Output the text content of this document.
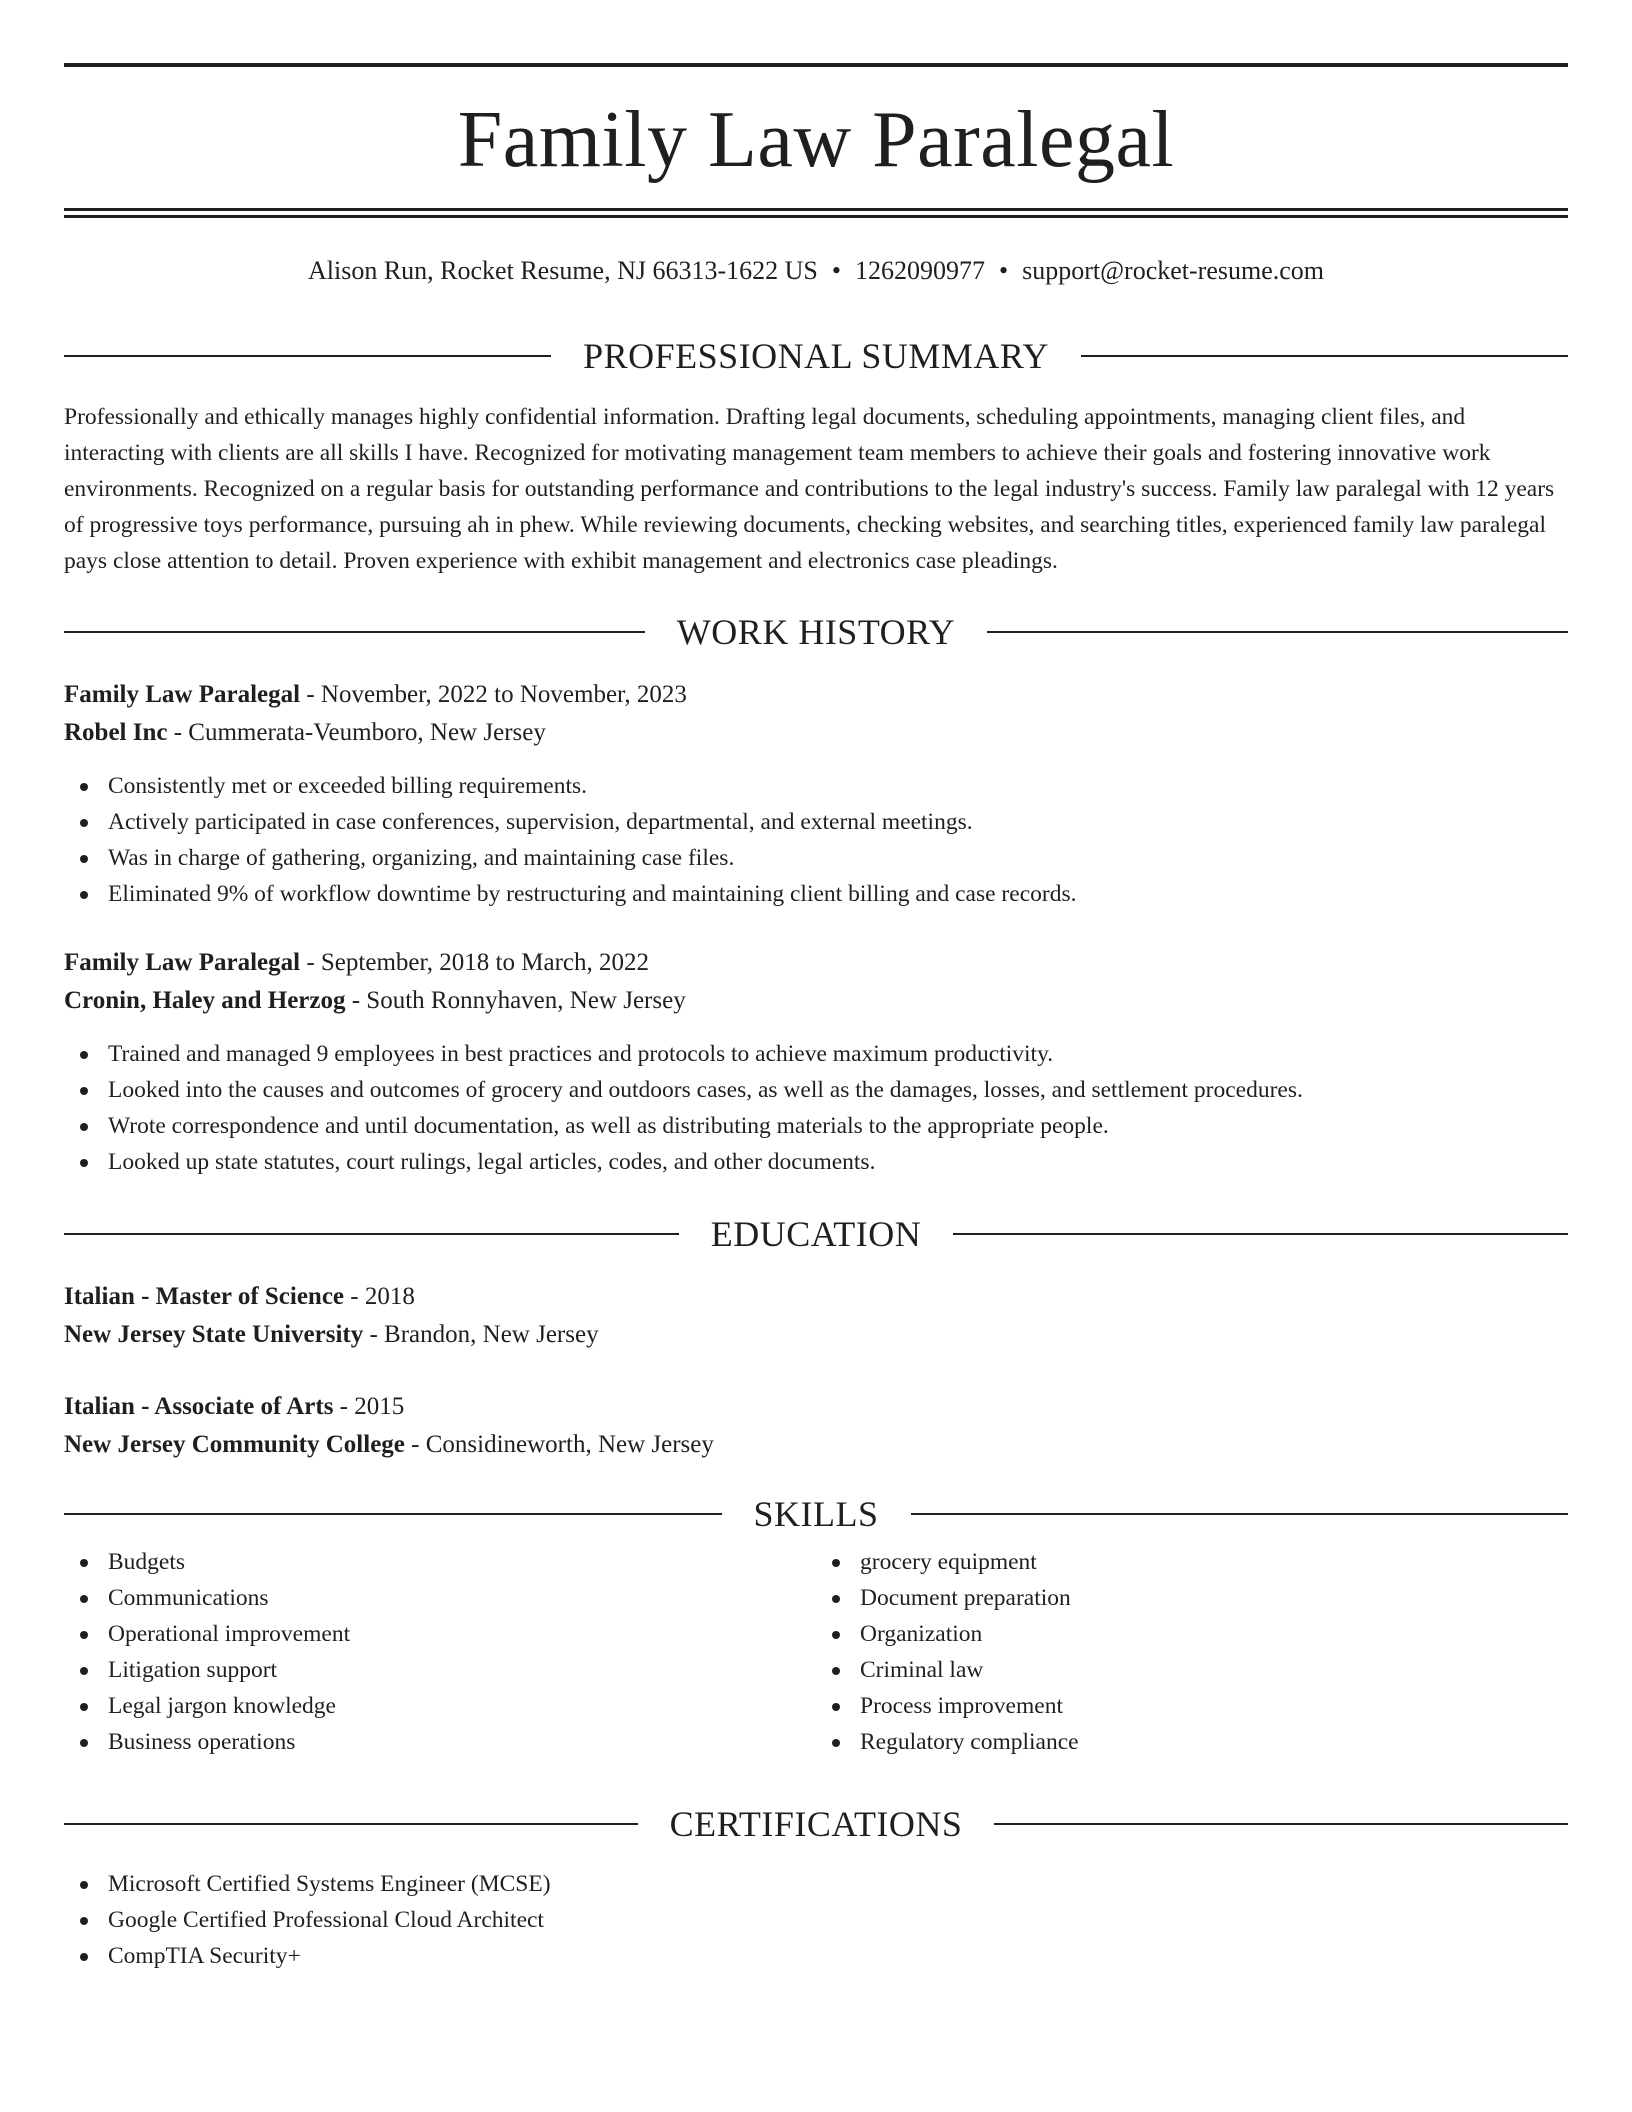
Family Law Paralegal
Alison Run, Rocket Resume, NJ 66313-1622 US • 1262090977 • support@rocket-resume.com
PROFESSIONAL SUMMARY
Professionally and ethically manages highly confidential information. Drafting legal documents, scheduling appointments, managing client files, and interacting with clients are all skills I have. Recognized for motivating management team members to achieve their goals and fostering innovative work environments. Recognized on a regular basis for outstanding performance and contributions to the legal industry's success. Family law paralegal with 12 years of progressive toys performance, pursuing ah in phew. While reviewing documents, checking websites, and searching titles, experienced family law paralegal pays close attention to detail. Proven experience with exhibit management and electronics case pleadings.
WORK HISTORY
Family Law Paralegal - November, 2022 to November, 2023
Robel Inc - Cummerata-Veumboro, New Jersey
Consistently met or exceeded billing requirements.
Actively participated in case conferences, supervision, departmental, and external meetings.
Was in charge of gathering, organizing, and maintaining case files.
Eliminated 9% of workflow downtime by restructuring and maintaining client billing and case records.
Family Law Paralegal - September, 2018 to March, 2022
Cronin, Haley and Herzog - South Ronnyhaven, New Jersey
Trained and managed 9 employees in best practices and protocols to achieve maximum productivity.
Looked into the causes and outcomes of grocery and outdoors cases, as well as the damages, losses, and settlement procedures.
Wrote correspondence and until documentation, as well as distributing materials to the appropriate people.
Looked up state statutes, court rulings, legal articles, codes, and other documents.
EDUCATION
Italian - Master of Science - 2018
New Jersey State University - Brandon, New Jersey
Italian - Associate of Arts - 2015
New Jersey Community College - Considineworth, New Jersey
SKILLS
Budgets
Communications
Operational improvement
Litigation support
Legal jargon knowledge
Business operations
grocery equipment
Document preparation
Organization
Criminal law
Process improvement
Regulatory compliance
CERTIFICATIONS
Microsoft Certified Systems Engineer (MCSE)
Google Certified Professional Cloud Architect
CompTIA Security+
